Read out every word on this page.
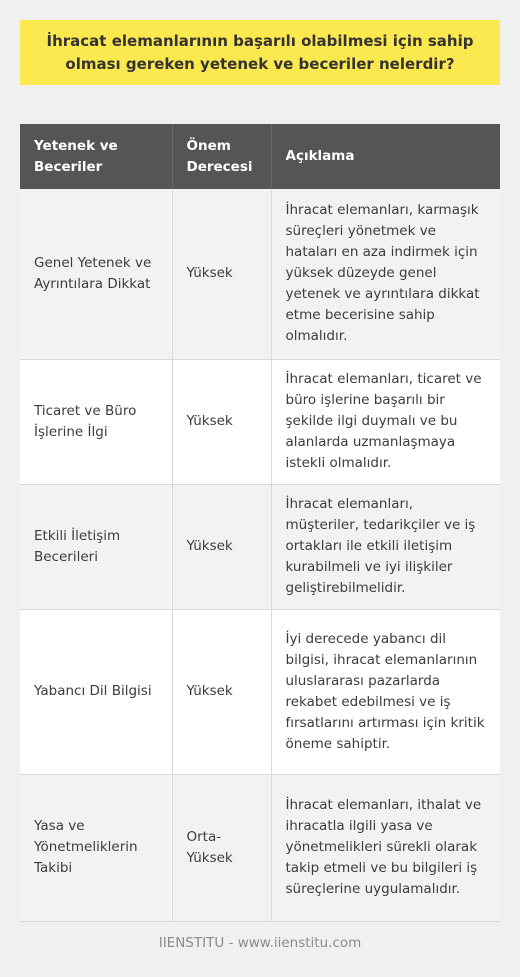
İhracat elemanlarının başarılı olabilmesi için sahip olması gereken yetenek ve beceriler nelerdir?
Yetenek ve Beceriler	Önem Derecesi	Açıklama
Genel Yetenek ve Ayrıntılara Dikkat	Yüksek	İhracat elemanları, karmaşık süreçleri yönetmek ve hataları en aza indirmek için yüksek düzeyde genel yetenek ve ayrıntılara dikkat etme becerisine sahip olmalıdır.
Ticaret ve Büro İşlerine İlgi	Yüksek	İhracat elemanları, ticaret ve büro işlerine başarılı bir şekilde ilgi duymalı ve bu alanlarda uzmanlaşmaya istekli olmalıdır.
Etkili İletişim Becerileri	Yüksek	İhracat elemanları, müşteriler, tedarikçiler ve iş ortakları ile etkili iletişim kurabilmeli ve iyi ilişkiler geliştirebilmelidir.
Yabancı Dil Bilgisi	Yüksek	İyi derecede yabancı dil bilgisi, ihracat elemanlarının uluslararası pazarlarda rekabet edebilmesi ve iş fırsatlarını artırması için kritik öneme sahiptir.
Yasa ve Yönetmeliklerin Takibi	Orta-Yüksek	İhracat elemanları, ithalat ve ihracatla ilgili yasa ve yönetmelikleri sürekli olarak takip etmeli ve bu bilgileri iş süreçlerine uygulamalıdır.
IIENSTITU - www.iienstitu.com
